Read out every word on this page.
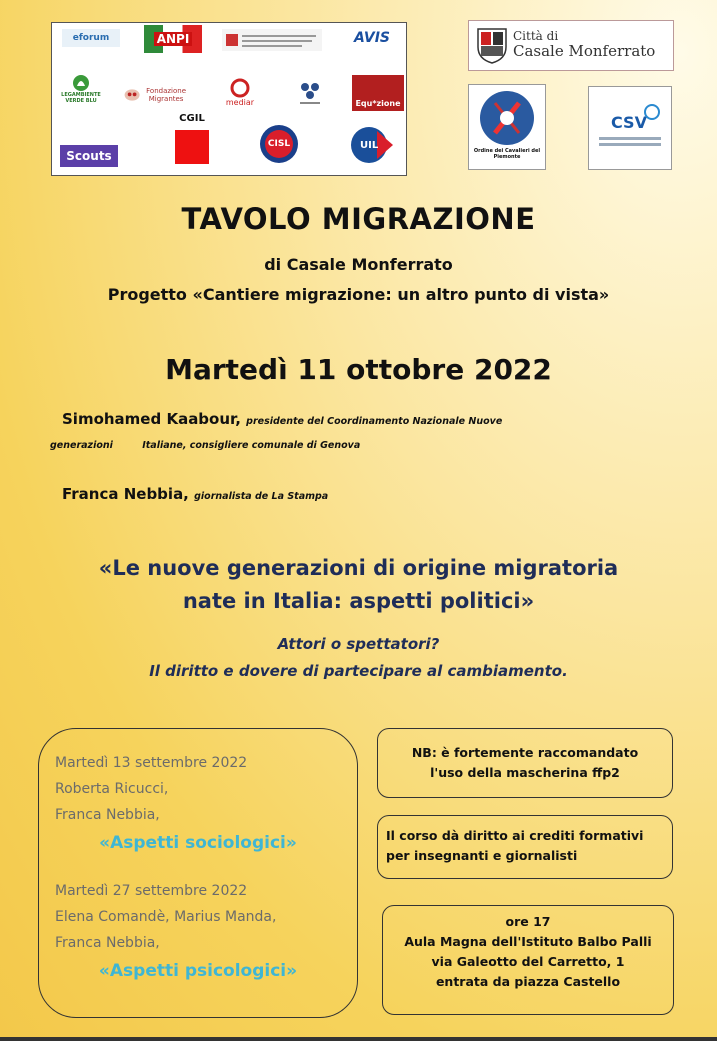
eforum	ANPI	AVIS
LEGAMBIENTE VERDE BLU
Fondazione Migrantes	mediar	Equ*zione
CGIL
CISL	UIL
Scouts
Città di
Casale Monferrato
Ordine dei Cavalieri del Piemonte
CSV
TAVOLO MIGRAZIONE
di Casale Monferrato
Progetto «Cantiere migrazione: un altro punto di vista»
Martedì 11 ottobre 2022
Simohamed Kaabour, presidente del Coordinamento Nazionale Nuove
generazioni	Italiane, consigliere comunale di Genova
Franca Nebbia, giornalista de La Stampa
«Le nuove generazioni di origine migratoria
nate in Italia: aspetti politici»
Attori o spettatori?
Il diritto e dovere di partecipare al cambiamento.
Martedì 13 settembre 2022
Roberta Ricucci,
Franca Nebbia,
«Aspetti sociologici»
Martedì 27 settembre 2022
Elena Comandè, Marius Manda,
Franca Nebbia,
«Aspetti psicologici»
NB: è fortemente raccomandato
l'uso della mascherina ffp2
Il corso dà diritto ai crediti formativi
per insegnanti e giornalisti
ore 17
Aula Magna dell'Istituto Balbo Palli
via Galeotto del Carretto, 1
entrata da piazza Castello
